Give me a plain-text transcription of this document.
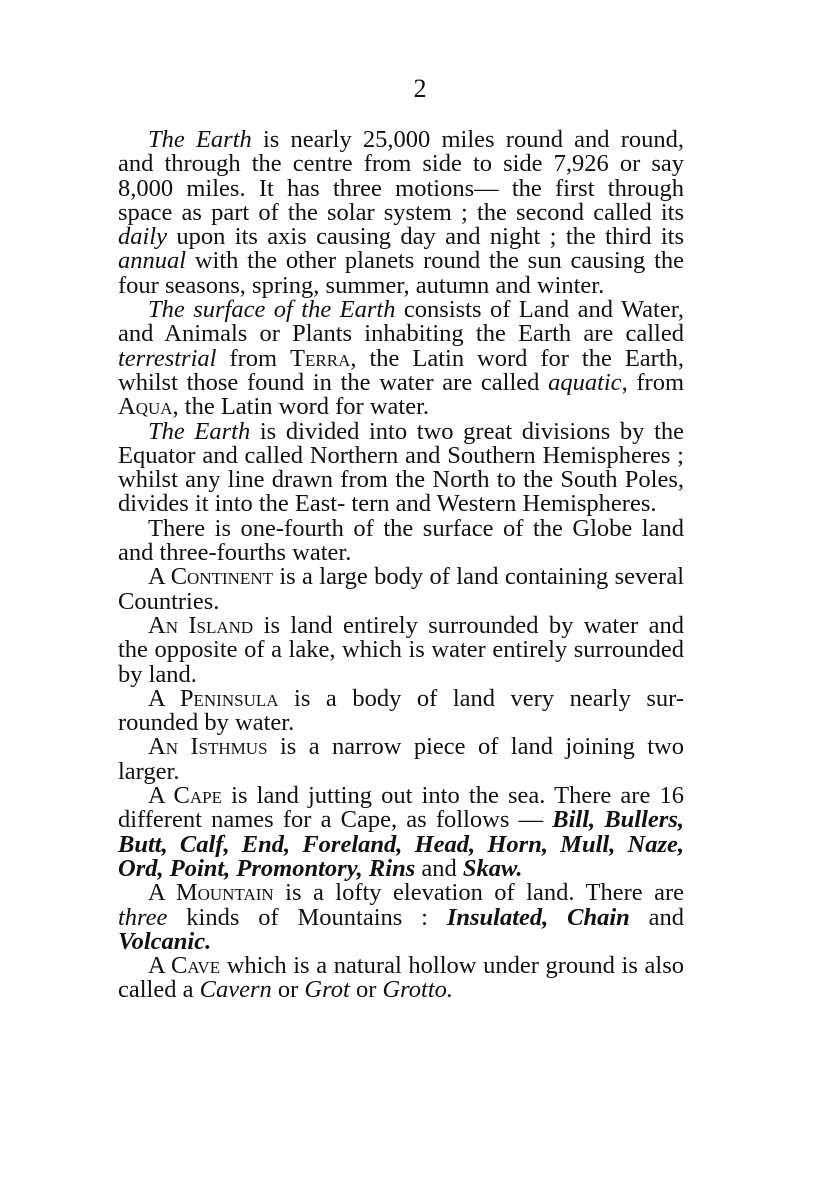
2

The Earth is nearly 25,000 miles round and round, and through the centre from side to side 7,926 or say 8,000 miles. It has three motions— the first through space as part of the solar system ; the second called its daily upon its axis causing day and night ; the third its annual with the other planets round the sun causing the four seasons, spring, summer, autumn and winter.

The surface of the Earth consists of Land and Water, and Animals or Plants inhabiting the Earth are called terrestrial from Terra, the Latin word for the Earth, whilst those found in the water are called aquatic, from Aqua, the Latin word for water.

The Earth is divided into two great divisions by the Equator and called Northern and Southern Hemispheres ; whilst any line drawn from the North to the South Poles, divides it into the East- tern and Western Hemispheres.

There is one-fourth of the surface of the Globe land and three-fourths water.

A Continent is a large body of land containing several Countries.

An Island is land entirely surrounded by water and the opposite of a lake, which is water entirely surrounded by land.

A Peninsula is a body of land very nearly sur- rounded by water.

An Isthmus is a narrow piece of land joining two larger.

A Cape is land jutting out into the sea. There are 16 different names for a Cape, as follows — Bill, Bullers, Butt, Calf, End, Foreland, Head, Horn, Mull, Naze, Ord, Point, Promontory, Rins and Skaw.

A Mountain is a lofty elevation of land. There are three kinds of Mountains : Insulated, Chain and Volcanic.

A Cave which is a natural hollow under ground is also called a Cavern or Grot or Grotto.
